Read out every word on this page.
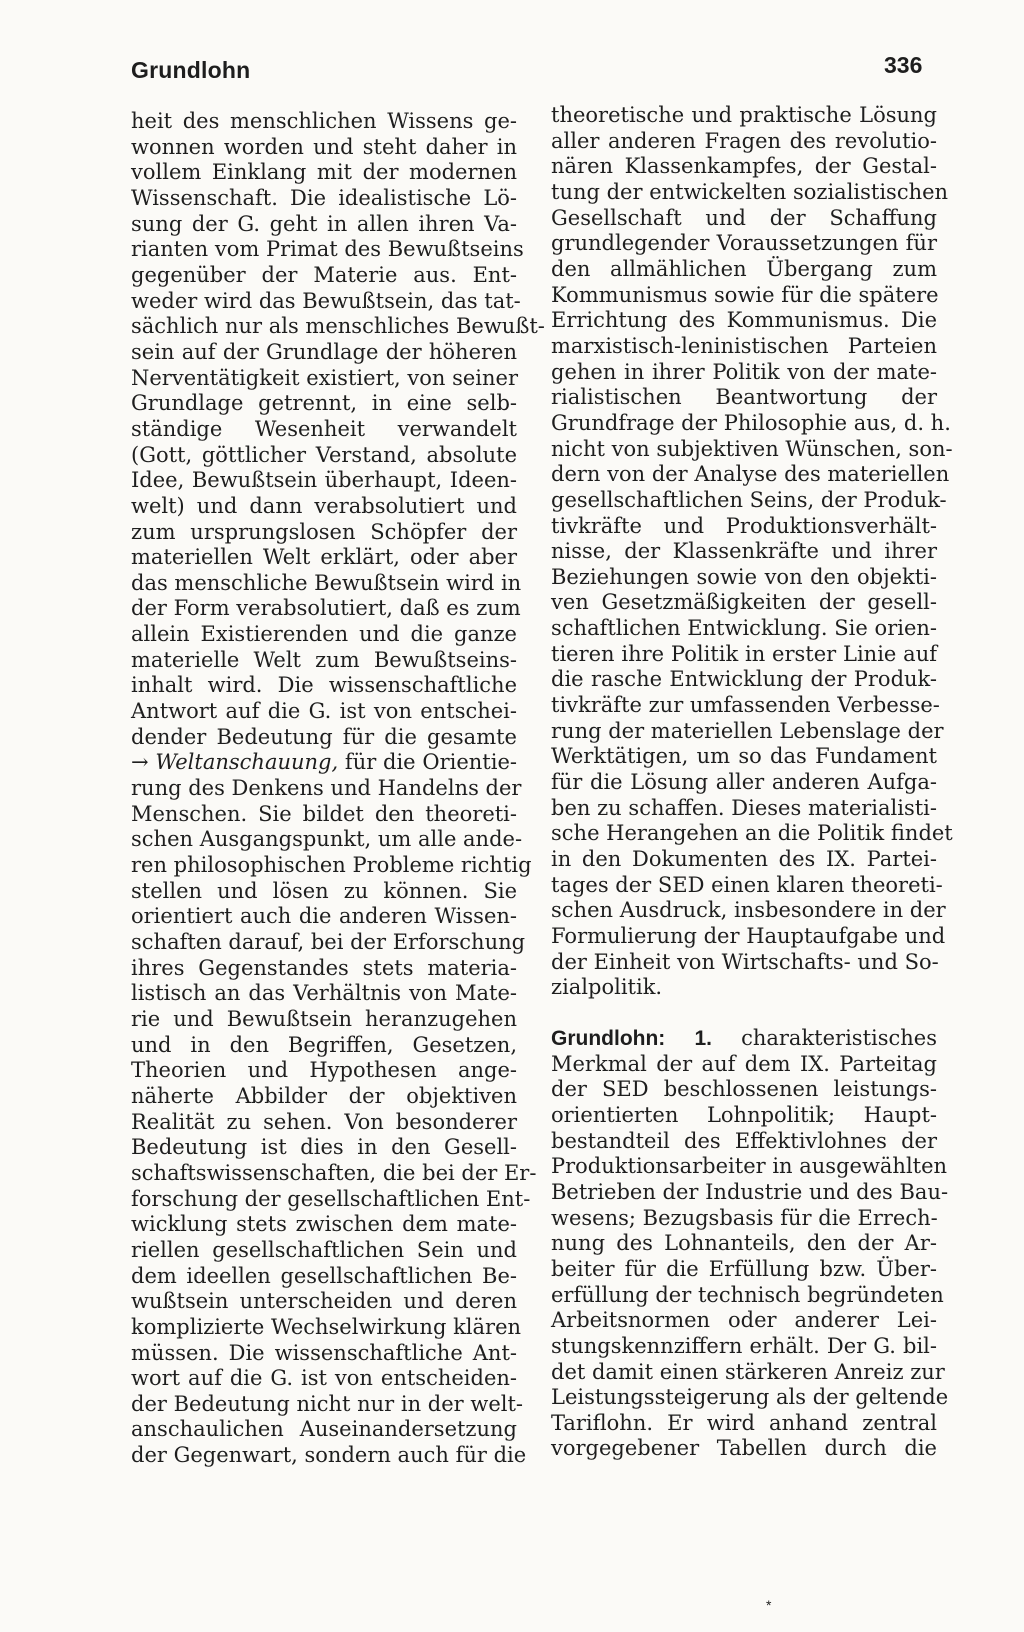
Grundlohn	336
heit des menschlichen Wissens ge-
wonnen worden und steht daher in
vollem Einklang mit der modernen
Wissenschaft. Die idealistische Lö-
sung der G. geht in allen ihren Va-
rianten vom Primat des Bewußtseins
gegenüber der Materie aus. Ent-
weder wird das Bewußtsein, das tat-
sächlich nur als menschliches Bewußt-
sein auf der Grundlage der höheren
Nerventätigkeit existiert, von seiner
Grundlage getrennt, in eine selb-
ständige Wesenheit verwandelt
(Gott, göttlicher Verstand, absolute
Idee, Bewußtsein überhaupt, Ideen-
welt) und dann verabsolutiert und
zum ursprungslosen Schöpfer der
materiellen Welt erklärt, oder aber
das menschliche Bewußtsein wird in
der Form verabsolutiert, daß es zum
allein Existierenden und die ganze
materielle Welt zum Bewußtseins-
inhalt wird. Die wissenschaftliche
Antwort auf die G. ist von entschei-
dender Bedeutung für die gesamte
→ Weltanschauung, für die Orientie-
rung des Denkens und Handelns der
Menschen. Sie bildet den theoreti-
schen Ausgangspunkt, um alle ande-
ren philosophischen Probleme richtig
stellen und lösen zu können. Sie
orientiert auch die anderen Wissen-
schaften darauf, bei der Erforschung
ihres Gegenstandes stets materia-
listisch an das Verhältnis von Mate-
rie und Bewußtsein heranzugehen
und in den Begriffen, Gesetzen,
Theorien und Hypothesen ange-
näherte Abbilder der objektiven
Realität zu sehen. Von besonderer
Bedeutung ist dies in den Gesell-
schaftswissenschaften, die bei der Er-
forschung der gesellschaftlichen Ent-
wicklung stets zwischen dem mate-
riellen gesellschaftlichen Sein und
dem ideellen gesellschaftlichen Be-
wußtsein unterscheiden und deren
komplizierte Wechselwirkung klären
müssen. Die wissenschaftliche Ant-
wort auf die G. ist von entscheiden-
der Bedeutung nicht nur in der welt-
anschaulichen Auseinandersetzung
der Gegenwart, sondern auch für die
theoretische und praktische Lösung
aller anderen Fragen des revolutio-
nären Klassenkampfes, der Gestal-
tung der entwickelten sozialistischen
Gesellschaft und der Schaffung
grundlegender Voraussetzungen für
den allmählichen Übergang zum
Kommunismus sowie für die spätere
Errichtung des Kommunismus. Die
marxistisch-leninistischen Parteien
gehen in ihrer Politik von der mate-
rialistischen Beantwortung der
Grundfrage der Philosophie aus, d. h.
nicht von subjektiven Wünschen, son-
dern von der Analyse des materiellen
gesellschaftlichen Seins, der Produk-
tivkräfte und Produktionsverhält-
nisse, der Klassenkräfte und ihrer
Beziehungen sowie von den objekti-
ven Gesetzmäßigkeiten der gesell-
schaftlichen Entwicklung. Sie orien-
tieren ihre Politik in erster Linie auf
die rasche Entwicklung der Produk-
tivkräfte zur umfassenden Verbesse-
rung der materiellen Lebenslage der
Werktätigen, um so das Fundament
für die Lösung aller anderen Aufga-
ben zu schaffen. Dieses materialisti-
sche Herangehen an die Politik findet
in den Dokumenten des IX. Partei-
tages der SED einen klaren theoreti-
schen Ausdruck, insbesondere in der
Formulierung der Hauptaufgabe und
der Einheit von Wirtschafts- und So-
zialpolitik.
Grundlohn: 1. charakteristisches
Merkmal der auf dem IX. Parteitag
der SED beschlossenen leistungs-
orientierten Lohnpolitik; Haupt-
bestandteil des Effektivlohnes der
Produktionsarbeiter in ausgewählten
Betrieben der Industrie und des Bau-
wesens; Bezugsbasis für die Errech-
nung des Lohnanteils, den der Ar-
beiter für die Erfüllung bzw. Über-
erfüllung der technisch begründeten
Arbeitsnormen oder anderer Lei-
stungskennziffern erhält. Der G. bil-
det damit einen stärkeren Anreiz zur
Leistungssteigerung als der geltende
Tariflohn. Er wird anhand zentral
vorgegebener Tabellen durch die
*
